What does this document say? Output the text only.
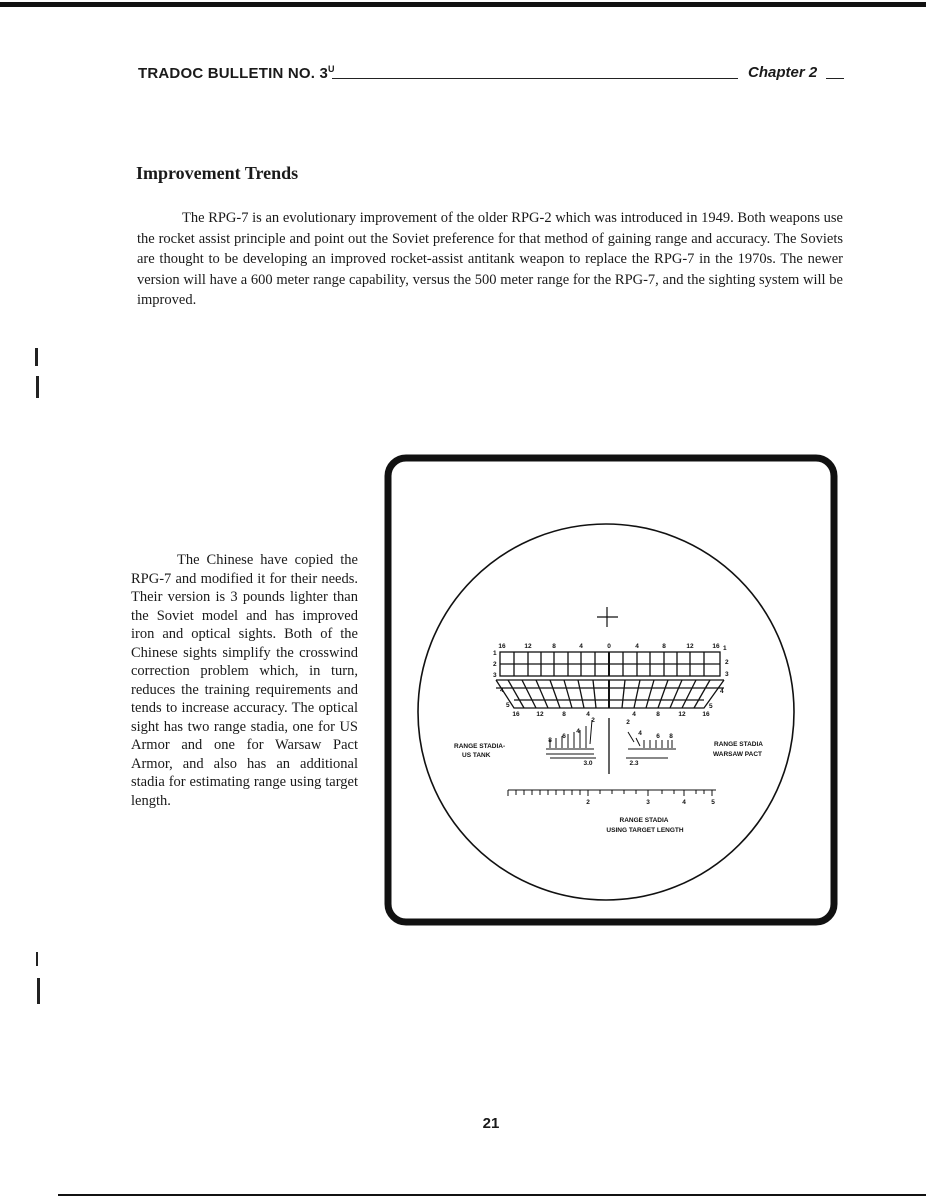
TRADOC BULLETIN NO. $3^U$	Chapter 2
Improvement Trends

The RPG-7 is an evolutionary improvement of the older RPG-2 which was introduced in 1949. Both weapons use the rocket assist principle and point out the Soviet preference for that method of gaining range and accuracy. The Soviets are thought to be developing an improved rocket-assist antitank weapon to replace the RPG-7 in the 1970s. The newer version will have a 600 meter range capability, versus the 500 meter range for the RPG-7, and the sighting system will be improved.

The Chinese have copied the RPG-7 and modified it for their needs. Their version is 3 pounds lighter than the Soviet model and has improved iron and optical sights. Both of the Chinese sights simplify the crosswind correction problem which, in turn, reduces the training requirements and tends to increase accuracy. The optical sight has two range stadia, one for US Armor and one for Warsaw Pact Armor, and also has an additional stadia for estimating range using target length.

16	12	8	4	0	4	8	12	16
1
2
3
4
5
1
2
3
4
5
16	12	8	4	4	8	12	16
8
6
4
2
3.0
2
4 6 8
2.3
RANGE STADIA-
US TANK
RANGE STADIA
WARSAW PACT
2	3	4	5
RANGE STADIA
USING TARGET LENGTH
21
